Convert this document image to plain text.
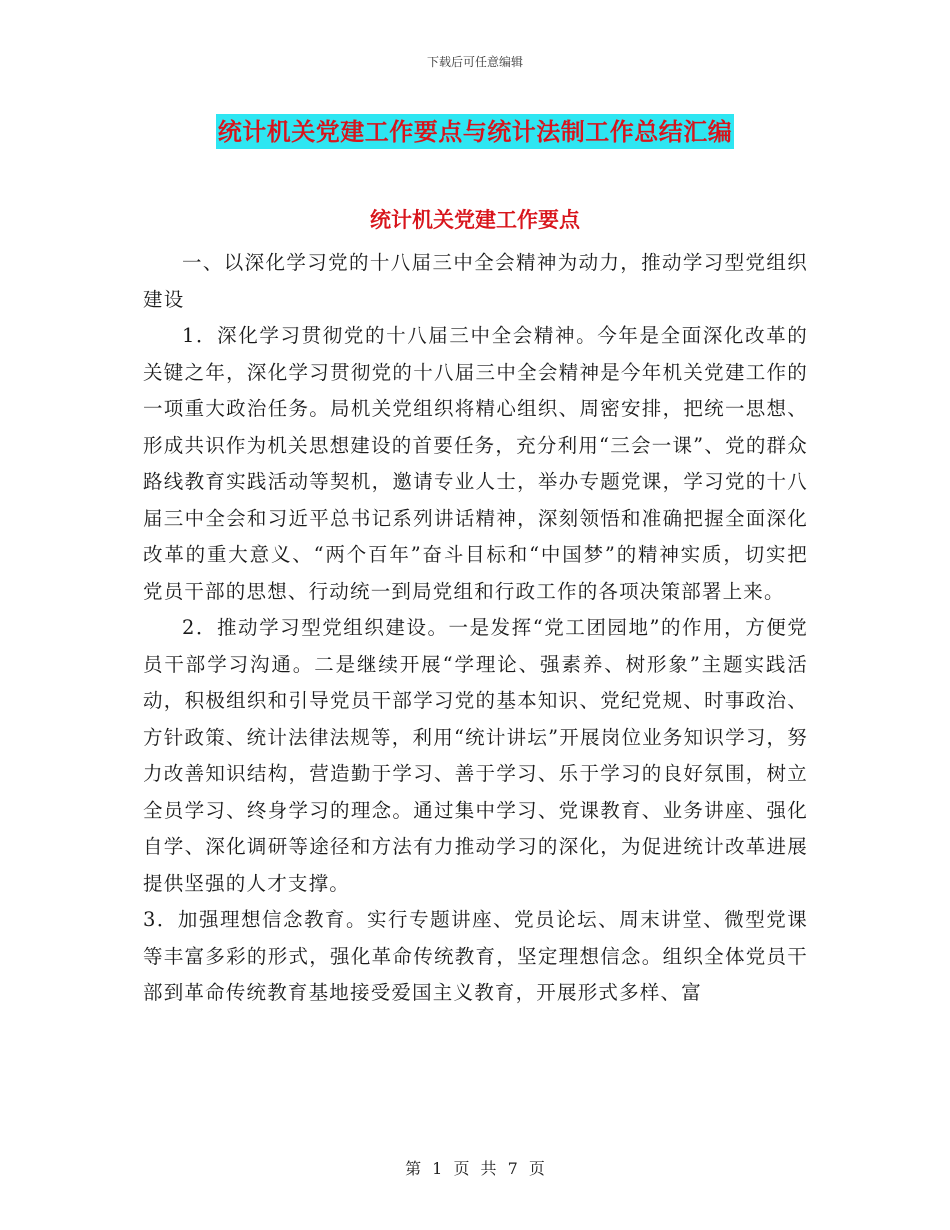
下载后可任意编辑
统计机关党建工作要点与统计法制工作总结汇编
统计机关党建工作要点

一、以深化学习党的十八届三中全会精神为动力，推动学习型党组织建设

1．深化学习贯彻党的十八届三中全会精神。今年是全面深化改革的关键之年，深化学习贯彻党的十八届三中全会精神是今年机关党建工作的一项重大政治任务。局机关党组织将精心组织、周密安排，把统一思想、形成共识作为机关思想建设的首要任务，充分利用“三会一课”、党的群众路线教育实践活动等契机，邀请专业人士，举办专题党课，学习党的十八届三中全会和习近平总书记系列讲话精神，深刻领悟和准确把握全面深化改革的重大意义、“两个百年”奋斗目标和“中国梦”的精神实质，切实把党员干部的思想、行动统一到局党组和行政工作的各项决策部署上来。

2．推动学习型党组织建设。一是发挥“党工团园地”的作用，方便党员干部学习沟通。二是继续开展“学理论、强素养、树形象”主题实践活动，积极组织和引导党员干部学习党的基本知识、党纪党规、时事政治、方针政策、统计法律法规等，利用“统计讲坛”开展岗位业务知识学习，努力改善知识结构，营造勤于学习、善于学习、乐于学习的良好氛围，树立全员学习、终身学习的理念。通过集中学习、党课教育、业务讲座、强化自学、深化调研等途径和方法有力推动学习的深化，为促进统计改革进展提供坚强的人才支撑。

3．加强理想信念教育。实行专题讲座、党员论坛、周末讲堂、微型党课等丰富多彩的形式，强化革命传统教育，坚定理想信念。组织全体党员干部到革命传统教育基地接受爱国主义教育，开展形式多样、富

第 1 页 共 7 页
